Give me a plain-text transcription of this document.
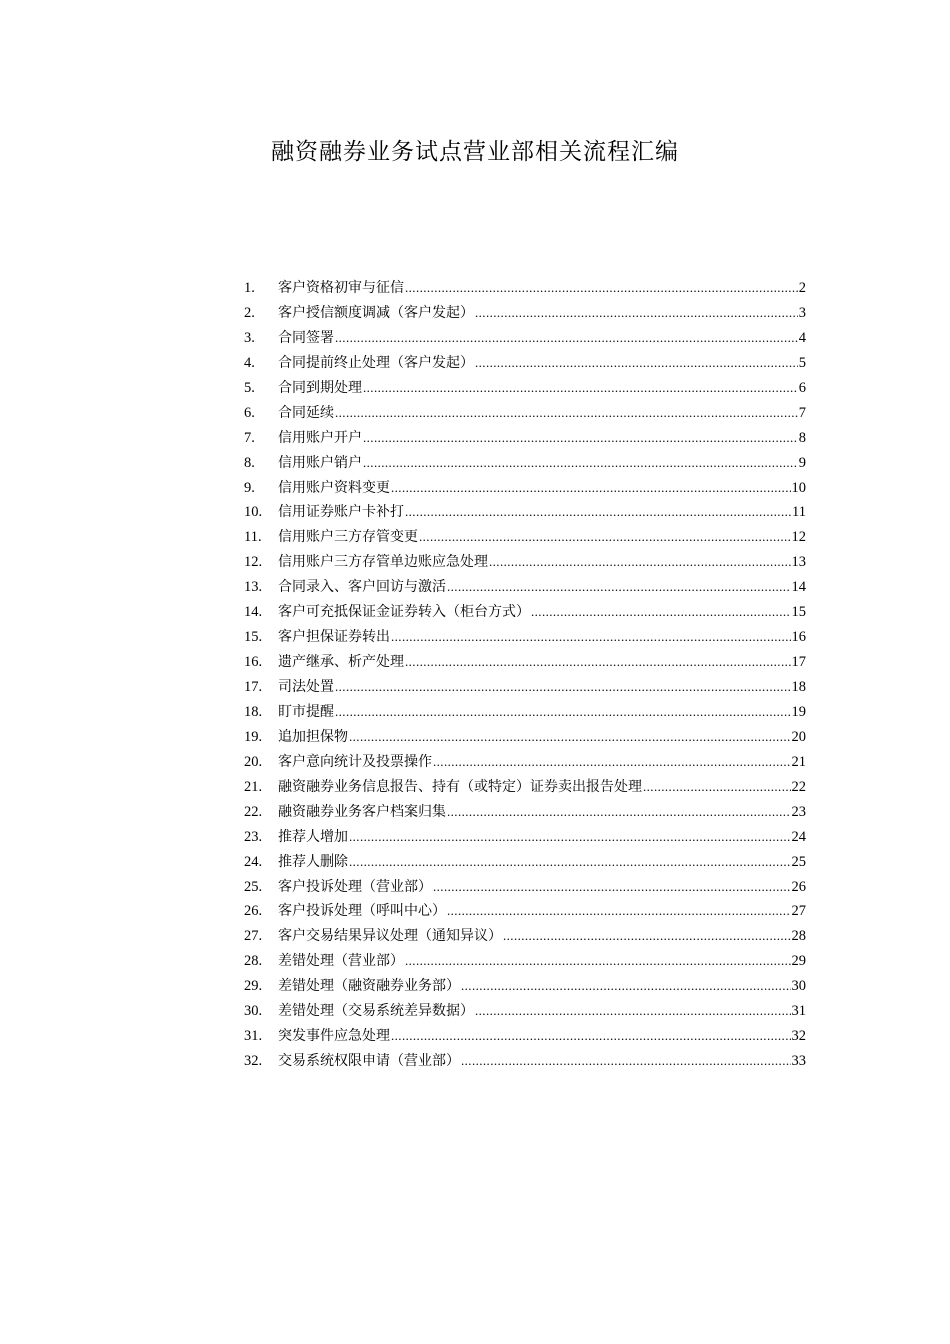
融资融券业务试点营业部相关流程汇编
1.	客户资格初审与征信 .....	2
2.	客户授信额度调减（客户发起） .....	3
3.	合同签署 .....	4
4.	合同提前终止处理（客户发起） .....	5
5.	合同到期处理 .....	6
6.	合同延续 .....	7
7.	信用账户开户 .....	8
8.	信用账户销户 .....	9
9.	信用账户资料变更 .....	10
10.	信用证券账户卡补打 .....	11
11.	信用账户三方存管变更 .....	12
12.	信用账户三方存管单边账应急处理 .....	13
13.	合同录入、客户回访与激活 .....	14
14.	客户可充抵保证金证券转入（柜台方式） .....	15
15.	客户担保证券转出 .....	16
16.	遗产继承、析产处理 .....	17
17.	司法处置 .....	18
18.	盯市提醒 .....	19
19.	追加担保物 .....	20
20.	客户意向统计及投票操作 .....	21
21.	融资融券业务信息报告、持有（或特定）证券卖出报告处理 .....	22
22.	融资融券业务客户档案归集 .....	23
23.	推荐人增加 .....	24
24.	推荐人删除 .....	25
25.	客户投诉处理（营业部） .....	26
26.	客户投诉处理（呼叫中心） .....	27
27.	客户交易结果异议处理（通知异议） .....	28
28.	差错处理（营业部） .....	29
29.	差错处理（融资融券业务部） .....	30
30.	差错处理（交易系统差异数据） .....	31
31.	突发事件应急处理 .....	32
32.	交易系统权限申请（营业部） .....	33
